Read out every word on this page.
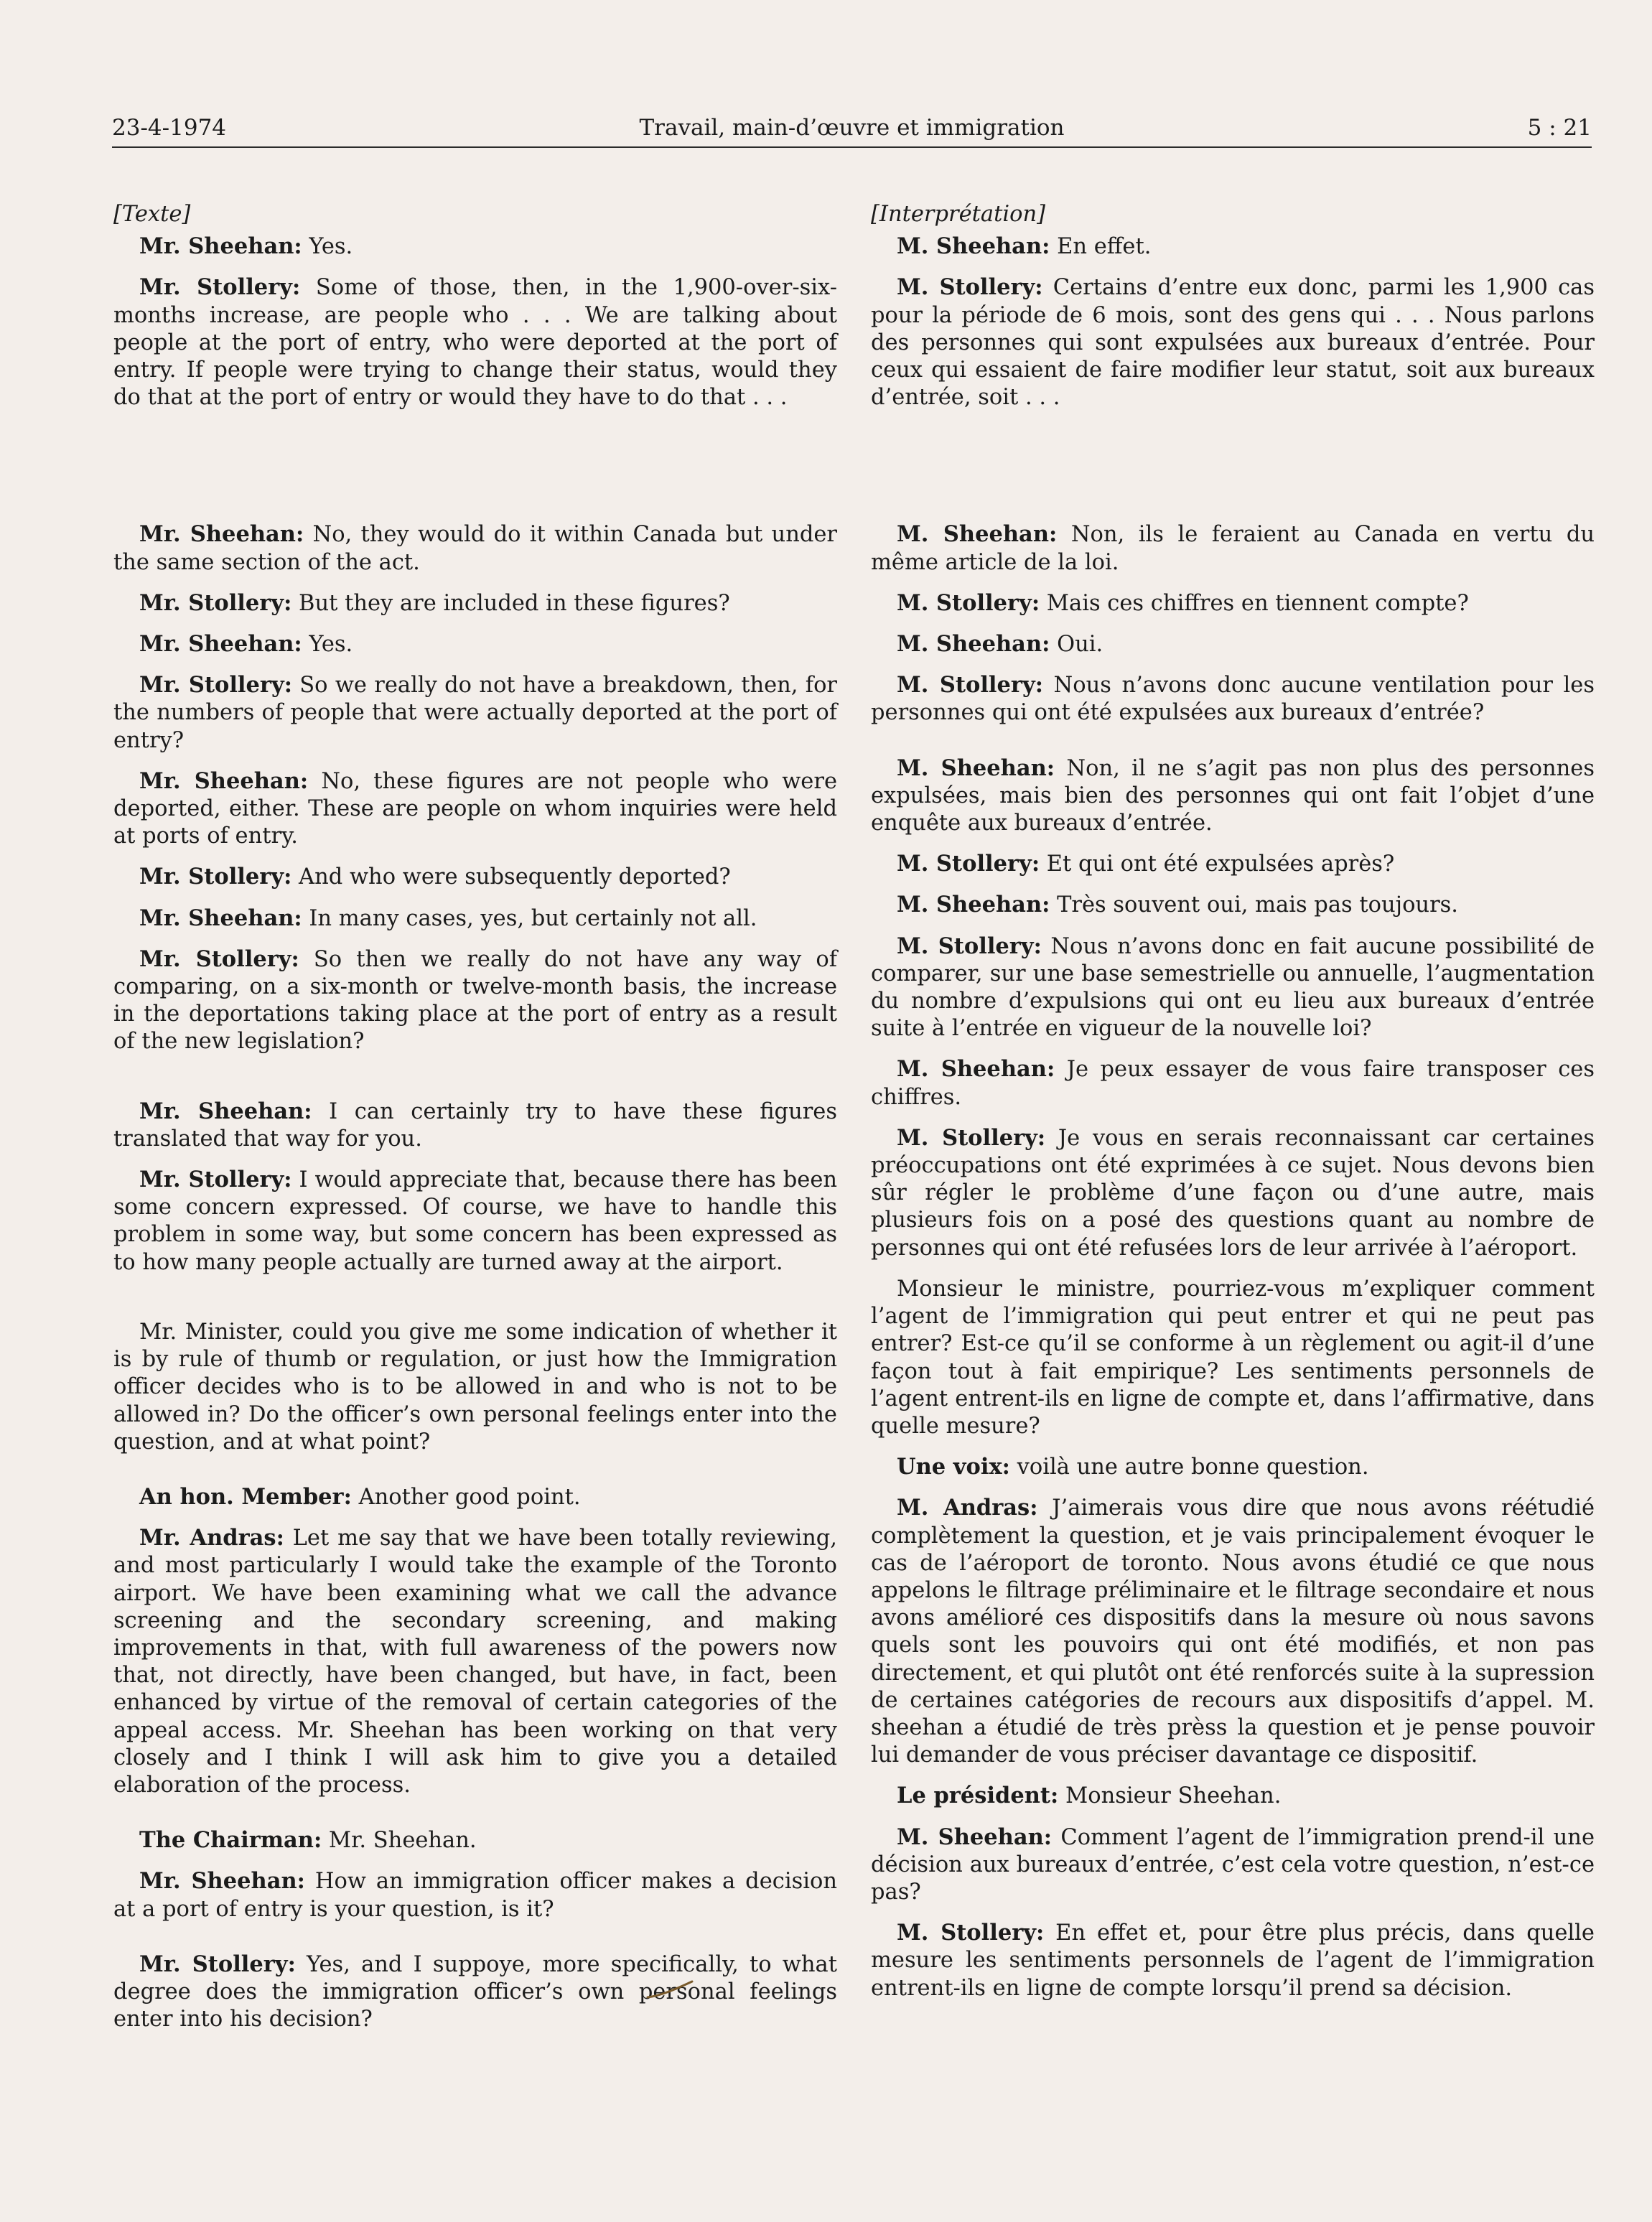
23-4-1974	Travail, main-d’œuvre et immigration	5 : 21

[Texte]

Mr. Sheehan: Yes.

Mr. Stollery: Some of those, then, in the 1,900-over-six-months increase, are people who . . . We are talking about people at the port of entry, who were deported at the port of entry. If people were trying to change their status, would they do that at the port of entry or would they have to do that . . .

Mr. Sheehan: No, they would do it within Canada but under the same section of the act.

Mr. Stollery: But they are included in these figures?

Mr. Sheehan: Yes.

Mr. Stollery: So we really do not have a breakdown, then, for the numbers of people that were actually deported at the port of entry?

Mr. Sheehan: No, these figures are not people who were deported, either. These are people on whom inquiries were held at ports of entry.

Mr. Stollery: And who were subsequently deported?

Mr. Sheehan: In many cases, yes, but certainly not all.

Mr. Stollery: So then we really do not have any way of comparing, on a six-month or twelve-month basis, the increase in the deportations taking place at the port of entry as a result of the new legislation?

Mr. Sheehan: I can certainly try to have these figures translated that way for you.

Mr. Stollery: I would appreciate that, because there has been some concern expressed. Of course, we have to handle this problem in some way, but some concern has been expressed as to how many people actually are turned away at the airport.

Mr. Minister, could you give me some indication of whether it is by rule of thumb or regulation, or just how the Immigration officer decides who is to be allowed in and who is not to be allowed in? Do the officer’s own personal feelings enter into the question, and at what point?

An hon. Member: Another good point.

Mr. Andras: Let me say that we have been totally reviewing, and most particularly I would take the example of the Toronto airport. We have been examining what we call the advance screening and the secondary screening, and making improvements in that, with full awareness of the powers now that, not directly, have been changed, but have, in fact, been enhanced by virtue of the removal of certain categories of the appeal access. Mr. Sheehan has been working on that very closely and I think I will ask him to give you a detailed elaboration of the process.

The Chairman: Mr. Sheehan.

Mr. Sheehan: How an immigration officer makes a decision at a port of entry is your question, is it?

Mr. Stollery: Yes, and I suppoye, more specifically, to what degree does the immigration officer’s own personal feelings enter into his decision?

[Interprétation]

M. Sheehan: En effet.

M. Stollery: Certains d’entre eux donc, parmi les 1,900 cas pour la période de 6 mois, sont des gens qui . . . Nous parlons des personnes qui sont expulsées aux bureaux d’entrée. Pour ceux qui essaient de faire modifier leur statut, soit aux bureaux d’entrée, soit . . .

M. Sheehan: Non, ils le feraient au Canada en vertu du même article de la loi.

M. Stollery: Mais ces chiffres en tiennent compte?

M. Sheehan: Oui.

M. Stollery: Nous n’avons donc aucune ventilation pour les personnes qui ont été expulsées aux bureaux d’entrée?

M. Sheehan: Non, il ne s’agit pas non plus des personnes expulsées, mais bien des personnes qui ont fait l’objet d’une enquête aux bureaux d’entrée.

M. Stollery: Et qui ont été expulsées après?

M. Sheehan: Très souvent oui, mais pas toujours.

M. Stollery: Nous n’avons donc en fait aucune possibilité de comparer, sur une base semestrielle ou annuelle, l’augmentation du nombre d’expulsions qui ont eu lieu aux bureaux d’entrée suite à l’entrée en vigueur de la nouvelle loi?

M. Sheehan: Je peux essayer de vous faire transposer ces chiffres.

M. Stollery: Je vous en serais reconnaissant car certaines préoccupations ont été exprimées à ce sujet. Nous devons bien sûr régler le problème d’une façon ou d’une autre, mais plusieurs fois on a posé des questions quant au nombre de personnes qui ont été refusées lors de leur arrivée à l’aéroport.

Monsieur le ministre, pourriez-vous m’expliquer comment l’agent de l’immigration qui peut entrer et qui ne peut pas entrer? Est-ce qu’il se conforme à un règlement ou agit-il d’une façon tout à fait empirique? Les sentiments personnels de l’agent entrent-ils en ligne de compte et, dans l’affirmative, dans quelle mesure?

Une voix: voilà une autre bonne question.

M. Andras: J’aimerais vous dire que nous avons réétudié complètement la question, et je vais principalement évoquer le cas de l’aéroport de toronto. Nous avons étudié ce que nous appelons le filtrage préliminaire et le filtrage secondaire et nous avons amélioré ces dispositifs dans la mesure où nous savons quels sont les pouvoirs qui ont été modifiés, et non pas directement, et qui plutôt ont été renforcés suite à la supression de certaines catégories de recours aux dispositifs d’appel. M. sheehan a étudié de très prèss la question et je pense pouvoir lui demander de vous préciser davantage ce dispositif.

Le président: Monsieur Sheehan.

M. Sheehan: Comment l’agent de l’immigration prend-il une décision aux bureaux d’entrée, c’est cela votre question, n’est-ce pas?

M. Stollery: En effet et, pour être plus précis, dans quelle mesure les sentiments personnels de l’agent de l’immigration entrent-ils en ligne de compte lorsqu’il prend sa décision.
